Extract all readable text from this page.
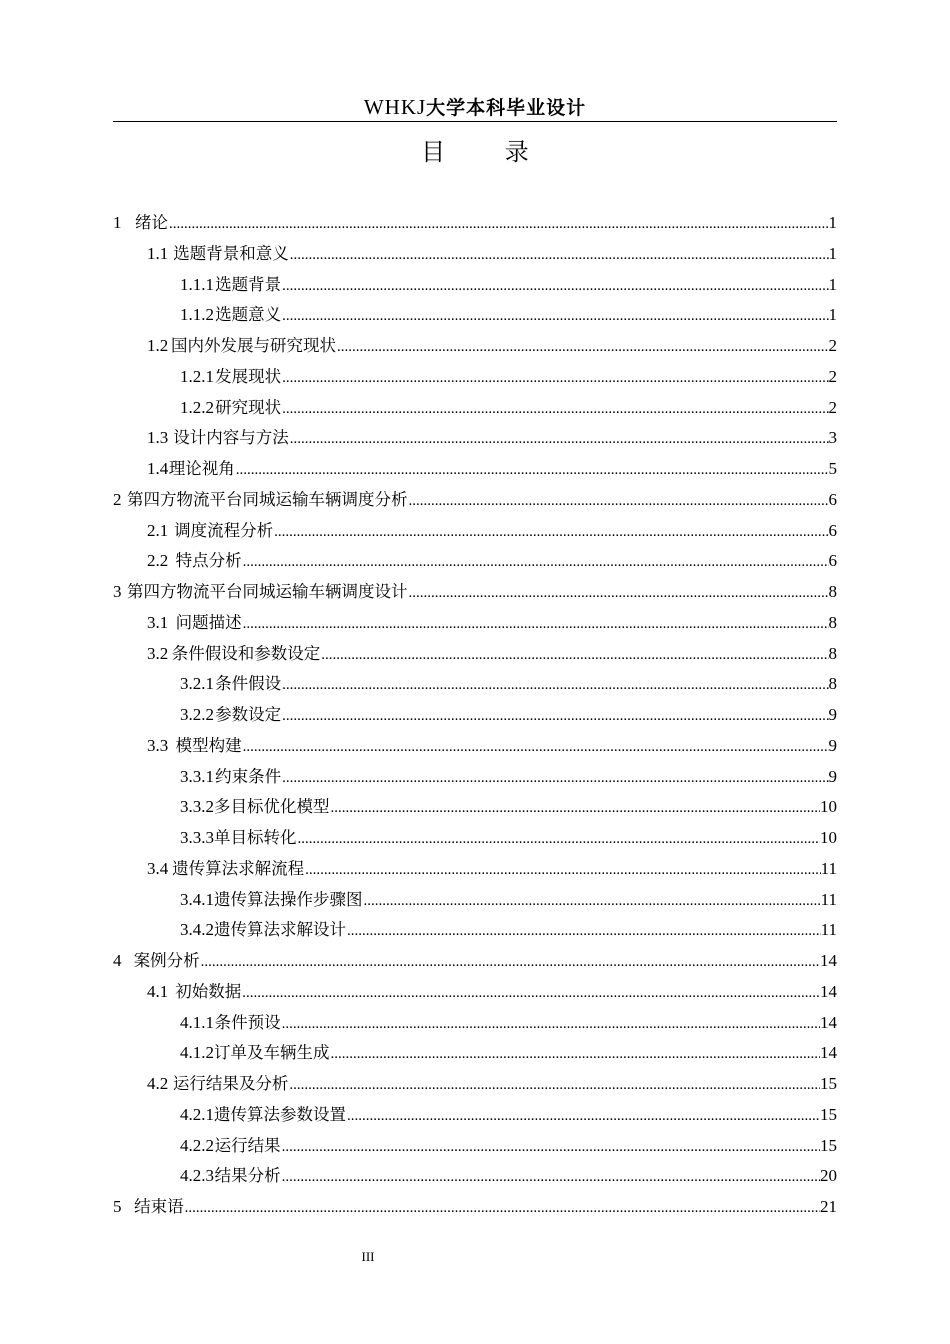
WHKJ大学本科毕业设计
目 录
1 绪论 .....	1
1.1 选题背景和意义 .....	1
1.1.1 选题背景 .....	1
1.1.2 选题意义 .....	1
1.2 国内外发展与研究现状 .....	2
1.2.1 发展现状 .....	2
1.2.2 研究现状 .....	2
1.3 设计内容与方法 .....	3
1.4 理论视角 .....	5
2 第四方物流平台同城运输车辆调度分析 .....	6
2.1 调度流程分析 .....	6
2.2 特点分析 .....	6
3 第四方物流平台同城运输车辆调度设计 .....	8
3.1 问题描述 .....	8
3.2 条件假设和参数设定 .....	8
3.2.1 条件假设 .....	8
3.2.2 参数设定 .....	9
3.3 模型构建 .....	9
3.3.1 约束条件 .....	9
3.3.2 多目标优化模型 .....	10
3.3.3 单目标转化 .....	10
3.4 遗传算法求解流程 .....	11
3.4.1 遗传算法操作步骤图 .....	11
3.4.2 遗传算法求解设计 .....	11
4 案例分析 .....	14
4.1 初始数据 .....	14
4.1.1 条件预设 .....	14
4.1.2 订单及车辆生成 .....	14
4.2 运行结果及分析 .....	15
4.2.1 遗传算法参数设置 .....	15
4.2.2 运行结果 .....	15
4.2.3 结果分析 .....	20
5 结束语 .....	21
III
